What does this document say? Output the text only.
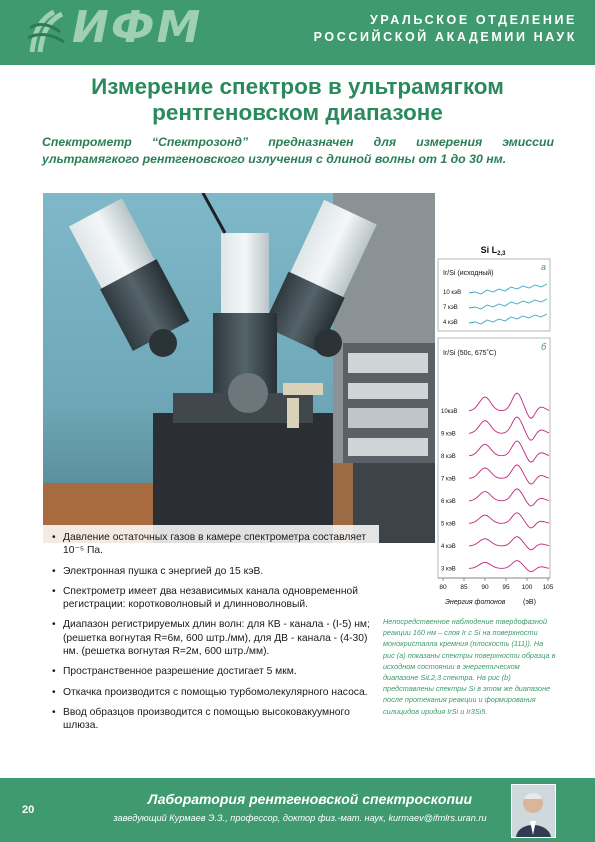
ИФМ	УРАЛЬСКОЕ ОТДЕЛЕНИЕ
РОССИЙСКОЙ АКАДЕМИИ НАУК
Измерение спектров в ультрамягком
рентгеновском диапазоне
Спектрометр “Спектрозонд” предназначен для измерения эмиссии ультрамягкого рентгеновского излучения с длиной волны от 1 до 30 нм.
• Давление остаточных газов в камере спектрометра составляет 10⁻⁵ Па.
• Электронная пушка с энергией до 15 кэВ.
• Спектрометр имеет два независимых канала одновременной регистрации: коротковолновый и длинноволновый.
• Диапазон регистрируемых длин волн: для КВ - канала - (I-5) нм; (решетка вогнутая R=6м, 600 штр./мм), для ДВ - канала - (4-30) нм. (решетка вогнутая R=2м, 600 штр./мм).
• Пространственное разрешение достигает 5 мкм.
• Откачка производится с помощью турбомолекулярного насоса.
• Ввод образцов производится с помощью высоковакуумного шлюза.
Si $L_{2,3}$
а
Ir/Si (исходный)
10 кэВ
7 кэВ
4 кэВ
б
Ir/Si (50с, 675˚С)
10кэВ
9 кэВ
8 кэВ
7 кэВ
6 кэВ
5 кэВ
4 кэВ
3 кэВ
80 85 90 95 100 105
Энергия фотонов	(эВ)
Непосредственное наблюдение твердофазной реакции 160 нм – слоя Ir с Si на поверхности монокристалла кремния (плоскость (111)). На рис (а) показаны спектры поверхности образца в исходном состоянии в энергетическом диапазоне SiL2,3 спектра. На рис (b) представлены спектры Si в этом же диапазоне после протекания реакции и формирования силицидов иридия IrSi и Ir3Si5.
20
Лаборатория рентгеновской спектроскопии
заведующий Курмаев Э.З., профессор, доктор физ.-мат. наук, kurmaev@ifmlrs.uran.ru
